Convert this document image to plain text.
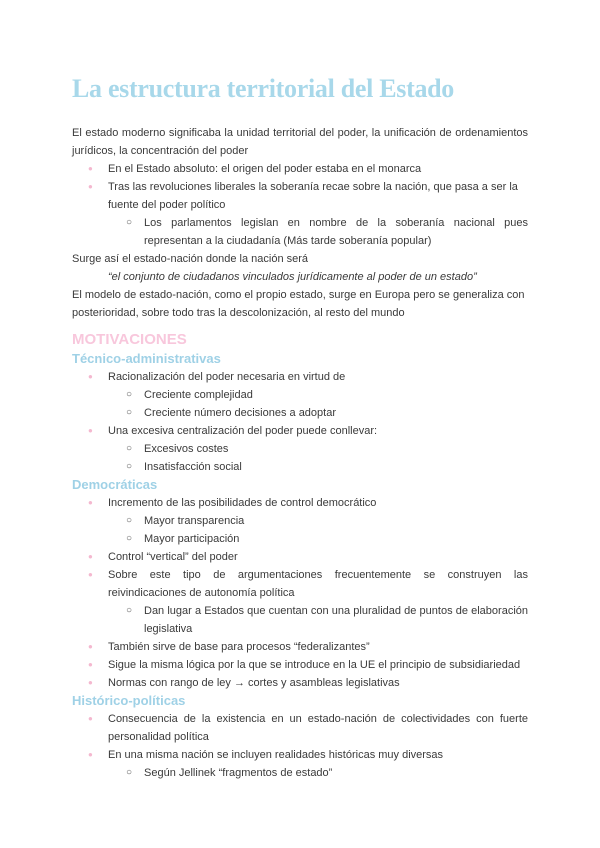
La estructura territorial del Estado

El estado moderno significaba la unidad territorial del poder, la unificación de ordenamientos jurídicos, la concentración del poder

● En el Estado absoluto: el origen del poder estaba en el monarca
● Tras las revoluciones liberales la soberanía recae sobre la nación, que pasa a ser la fuente del poder político
○ Los parlamentos legislan en nombre de la soberanía nacional pues representan a la ciudadanía (Más tarde soberanía popular)

Surge así el estado-nación donde la nación será

“el conjunto de ciudadanos vinculados jurídicamente al poder de un estado”

El modelo de estado-nación, como el propio estado, surge en Europa pero se generaliza con posterioridad, sobre todo tras la descolonización, al resto del mundo

MOTIVACIONES
Técnico-administrativas
● Racionalización del poder necesaria en virtud de
○ Creciente complejidad
○ Creciente número decisiones a adoptar
● Una excesiva centralización del poder puede conllevar:
○ Excesivos costes
○ Insatisfacción social
Democráticas
● Incremento de las posibilidades de control democrático
○ Mayor transparencia
○ Mayor participación
● Control “vertical” del poder
● Sobre este tipo de argumentaciones frecuentemente se construyen las reivindicaciones de autonomía política
○ Dan lugar a Estados que cuentan con una pluralidad de puntos de elaboración legislativa
● También sirve de base para procesos “federalizantes”
● Sigue la misma lógica por la que se introduce en la UE el principio de subsidiariedad
● Normas con rango de ley → cortes y asambleas legislativas
Histórico-políticas
● Consecuencia de la existencia en un estado-nación de colectividades con fuerte personalidad política
● En una misma nación se incluyen realidades históricas muy diversas
○ Según Jellinek “fragmentos de estado”
